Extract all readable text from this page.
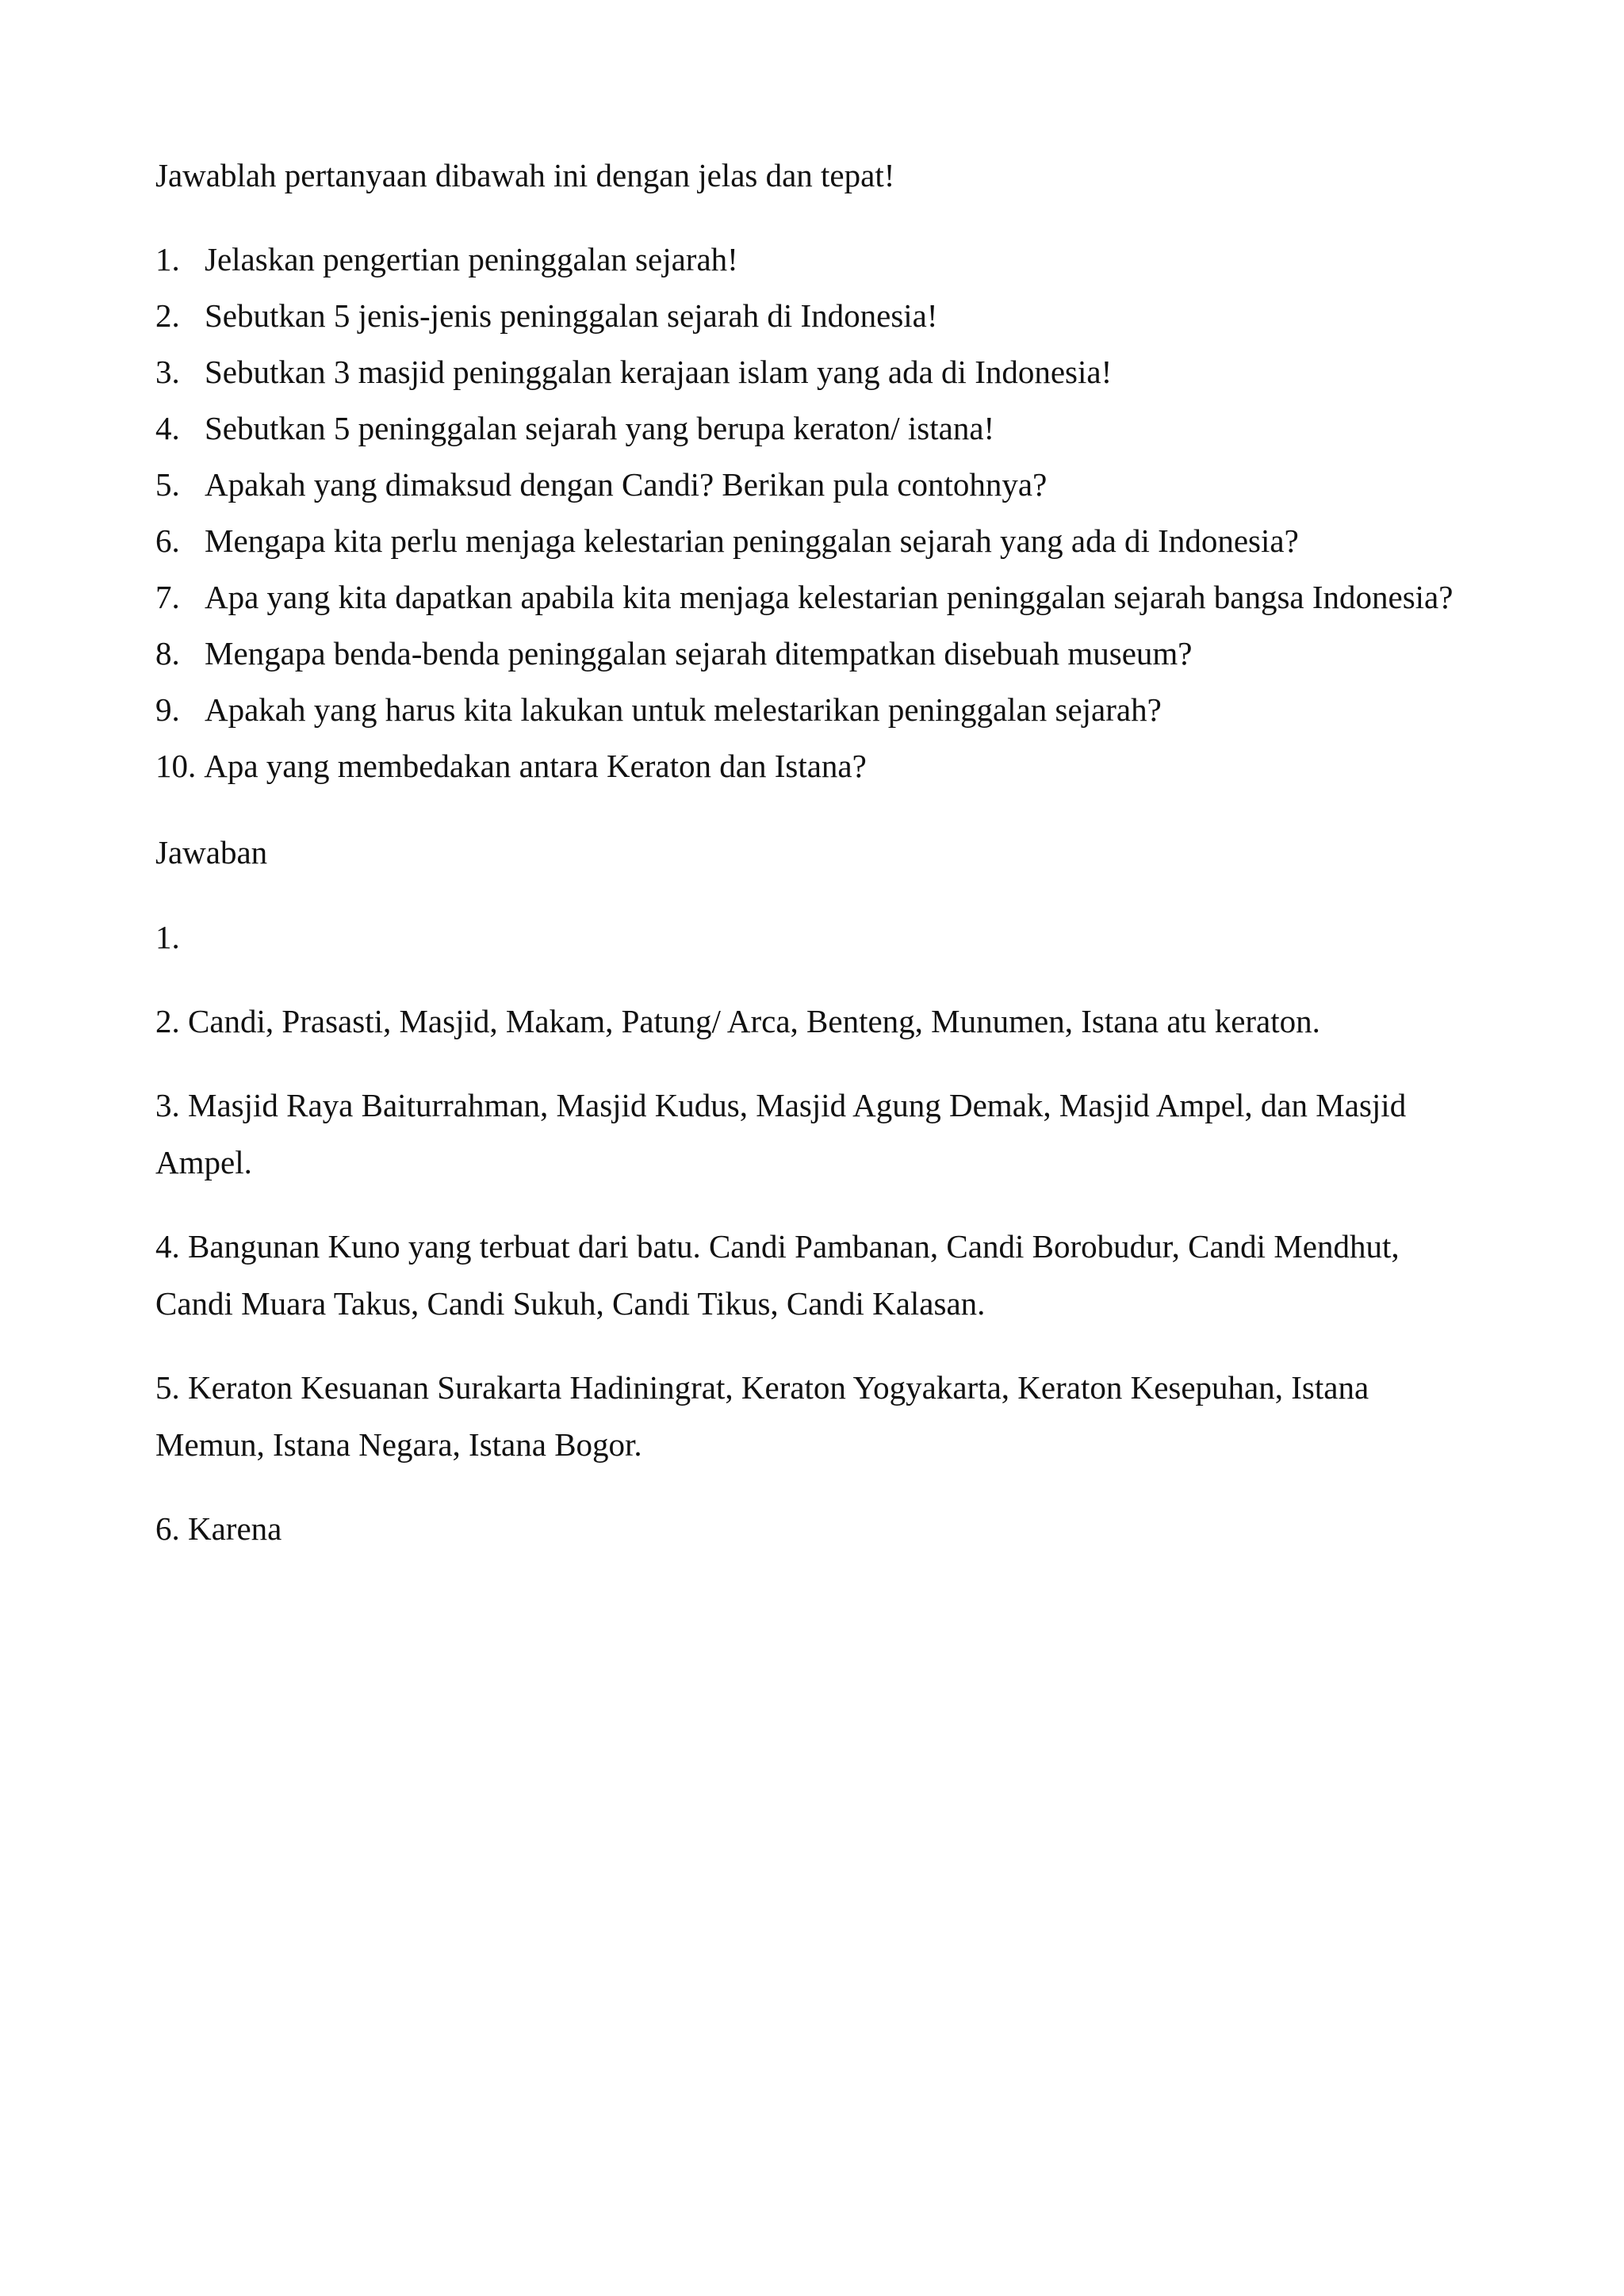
Jawablah pertanyaan dibawah ini dengan jelas dan tepat!

1. Jelaskan pengertian peninggalan sejarah!
2. Sebutkan 5 jenis-jenis peninggalan sejarah di Indonesia!
3. Sebutkan 3 masjid peninggalan kerajaan islam yang ada di Indonesia!
4. Sebutkan 5 peninggalan sejarah yang berupa keraton/ istana!
5. Apakah yang dimaksud dengan Candi? Berikan pula contohnya?
6. Mengapa kita perlu menjaga kelestarian peninggalan sejarah yang ada di Indonesia?
7. Apa yang kita dapatkan apabila kita menjaga kelestarian peninggalan sejarah bangsa Indonesia?
8. Mengapa benda-benda peninggalan sejarah ditempatkan disebuah museum?
9. Apakah yang harus kita lakukan untuk melestarikan peninggalan sejarah?
10. Apa yang membedakan antara Keraton dan Istana?

Jawaban

1.
2. Candi, Prasasti, Masjid, Makam, Patung/ Arca, Benteng, Munumen, Istana atu keraton.
3. Masjid Raya Baiturrahman, Masjid Kudus, Masjid Agung Demak, Masjid Ampel, dan Masjid Ampel.
4. Bangunan Kuno yang terbuat dari batu. Candi Pambanan, Candi Borobudur, Candi Mendhut, Candi Muara Takus, Candi Sukuh, Candi Tikus, Candi Kalasan.
5. Keraton Kesuanan Surakarta Hadiningrat, Keraton Yogyakarta, Keraton Kesepuhan, Istana Memun, Istana Negara, Istana Bogor.
6. Karena
